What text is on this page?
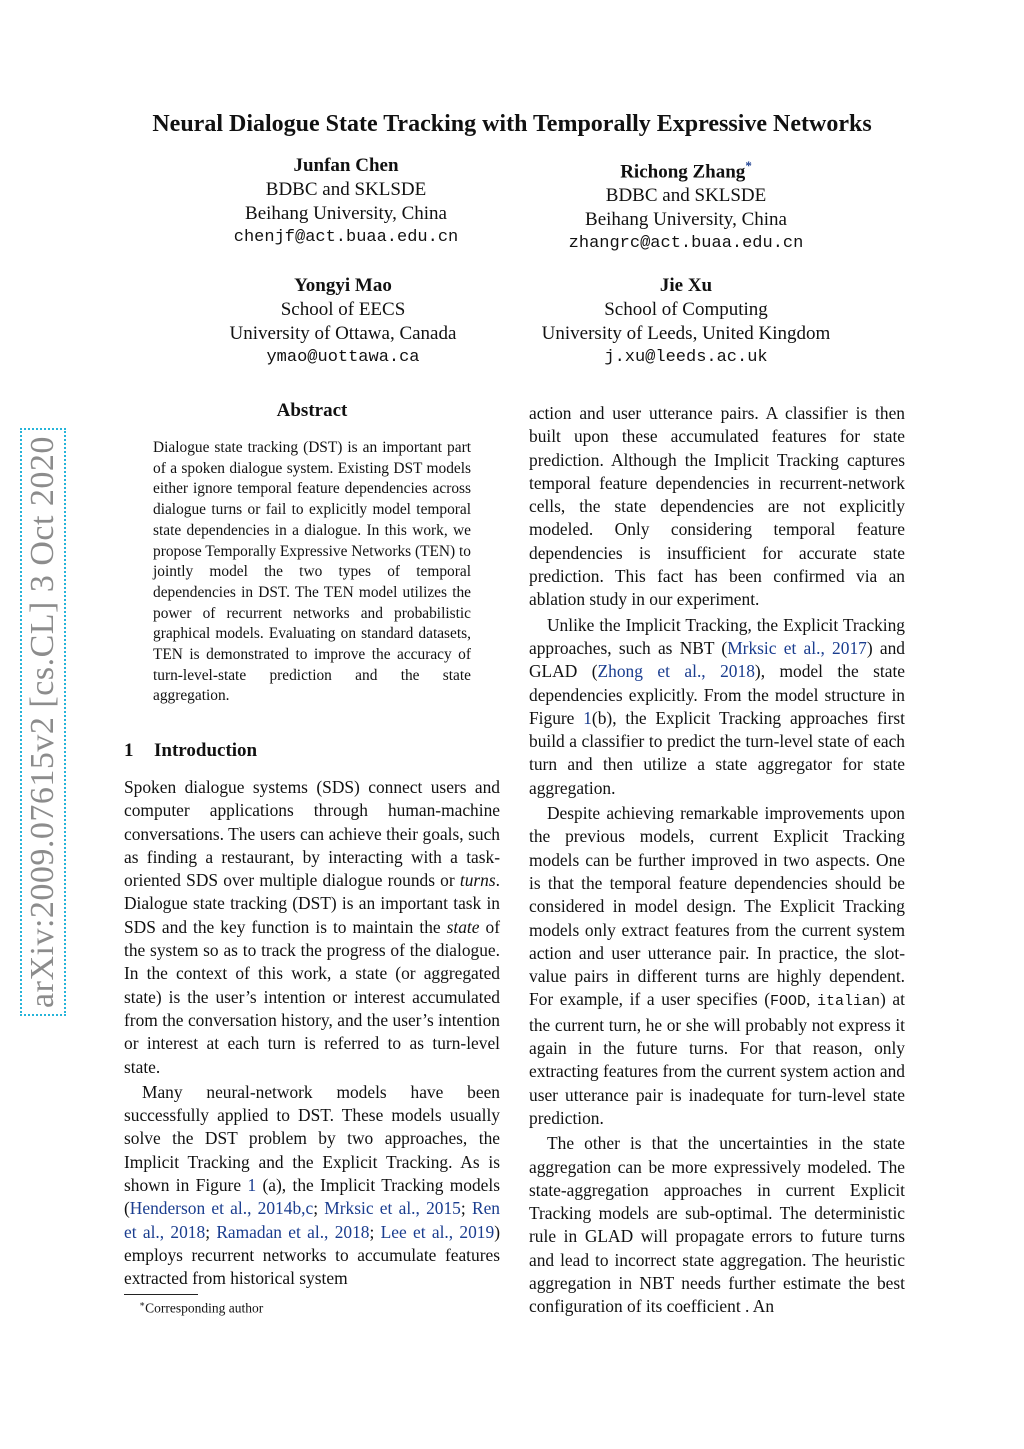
Neural Dialogue State Tracking with Temporally Expressive Networks
Junfan Chen
BDBC and SKLSDE
Beihang University, China
chenjf@act.buaa.edu.cn
Richong Zhang*
BDBC and SKLSDE
Beihang University, China
zhangrc@act.buaa.edu.cn
Yongyi Mao
School of EECS
University of Ottawa, Canada
ymao@uottawa.ca
Jie Xu
School of Computing
University of Leeds, United Kingdom
j.xu@leeds.ac.uk
arXiv:2009.07615v2 [cs.CL] 3 Oct 2020
Abstract
Dialogue state tracking (DST) is an important part of a spoken dialogue system. Existing DST models either ignore temporal feature dependencies across dialogue turns or fail to explicitly model temporal state dependencies in a dialogue. In this work, we propose Temporally Expressive Networks (TEN) to jointly model the two types of temporal dependencies in DST. The TEN model utilizes the power of recurrent networks and probabilistic graphical models. Evaluating on standard datasets, TEN is demonstrated to improve the accuracy of turn-level-state prediction and the state aggregation.
1 Introduction

Spoken dialogue systems (SDS) connect users and computer applications through human-machine conversations. The users can achieve their goals, such as finding a restaurant, by interacting with a task-oriented SDS over multiple dialogue rounds or turns. Dialogue state tracking (DST) is an important task in SDS and the key function is to maintain the state of the system so as to track the progress of the dialogue. In the context of this work, a state (or aggregated state) is the user’s intention or interest accumulated from the conversation history, and the user’s intention or interest at each turn is referred to as turn-level state.

Many neural-network models have been successfully applied to DST. These models usually solve the DST problem by two approaches, the Implicit Tracking and the Explicit Tracking. As is shown in Figure 1 (a), the Implicit Tracking models (Henderson et al., 2014b,c; Mrksic et al., 2015; Ren et al., 2018; Ramadan et al., 2018; Lee et al., 2019) employs recurrent networks to accumulate features extracted from historical system

∗Corresponding author

action and user utterance pairs. A classifier is then built upon these accumulated features for state prediction. Although the Implicit Tracking captures temporal feature dependencies in recurrent-network cells, the state dependencies are not explicitly modeled. Only considering temporal feature dependencies is insufficient for accurate state prediction. This fact has been confirmed via an ablation study in our experiment.

Unlike the Implicit Tracking, the Explicit Tracking approaches, such as NBT (Mrksic et al., 2017) and GLAD (Zhong et al., 2018), model the state dependencies explicitly. From the model structure in Figure 1(b), the Explicit Tracking approaches first build a classifier to predict the turn-level state of each turn and then utilize a state aggregator for state aggregation.

Despite achieving remarkable improvements upon the previous models, current Explicit Tracking models can be further improved in two aspects. One is that the temporal feature dependencies should be considered in model design. The Explicit Tracking models only extract features from the current system action and user utterance pair. In practice, the slot-value pairs in different turns are highly dependent. For example, if a user specifies (FOOD, italian) at the current turn, he or she will probably not express it again in the future turns. For that reason, only extracting features from the current system action and user utterance pair is inadequate for turn-level state prediction.

The other is that the uncertainties in the state aggregation can be more expressively modeled. The state-aggregation approaches in current Explicit Tracking models are sub-optimal. The deterministic rule in GLAD will propagate errors to future turns and lead to incorrect state aggregation. The heuristic aggregation in NBT needs further estimate the best configuration of its coefficient . An
